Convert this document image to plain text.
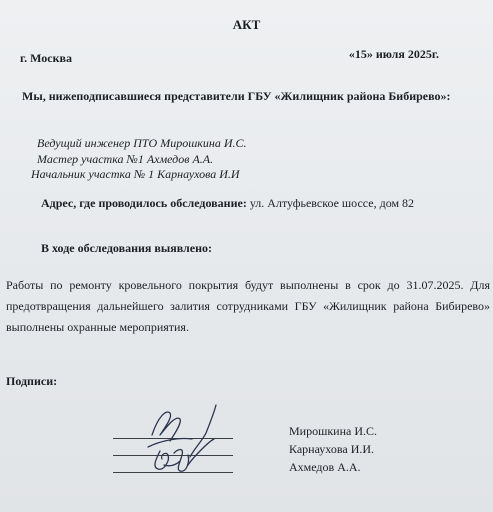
АКТ
г. Москва	«15» июля 2025г.
Мы, нижеподписавшиеся представители ГБУ «Жилищник района Бибирево»:
Ведущий инженер ПТО Мирошкина И.С.
Мастер участка №1 Ахмедов А.А.
Начальник участка № 1 Карнаухова И.И
Адрес, где проводилось обследование: ул. Алтуфьевское шоссе, дом 82
В ходе обследования выявлено:
Работы по ремонту кровельного покрытия будут выполнены в срок до 31.07.2025. Для предотвращения дальнейшего залития сотрудниками ГБУ «Жилищник района Бибирево» выполнены охранные мероприятия.
Подписи:
Мирошкина И.С.
Карнаухова И.И.
Ахмедов А.А.
